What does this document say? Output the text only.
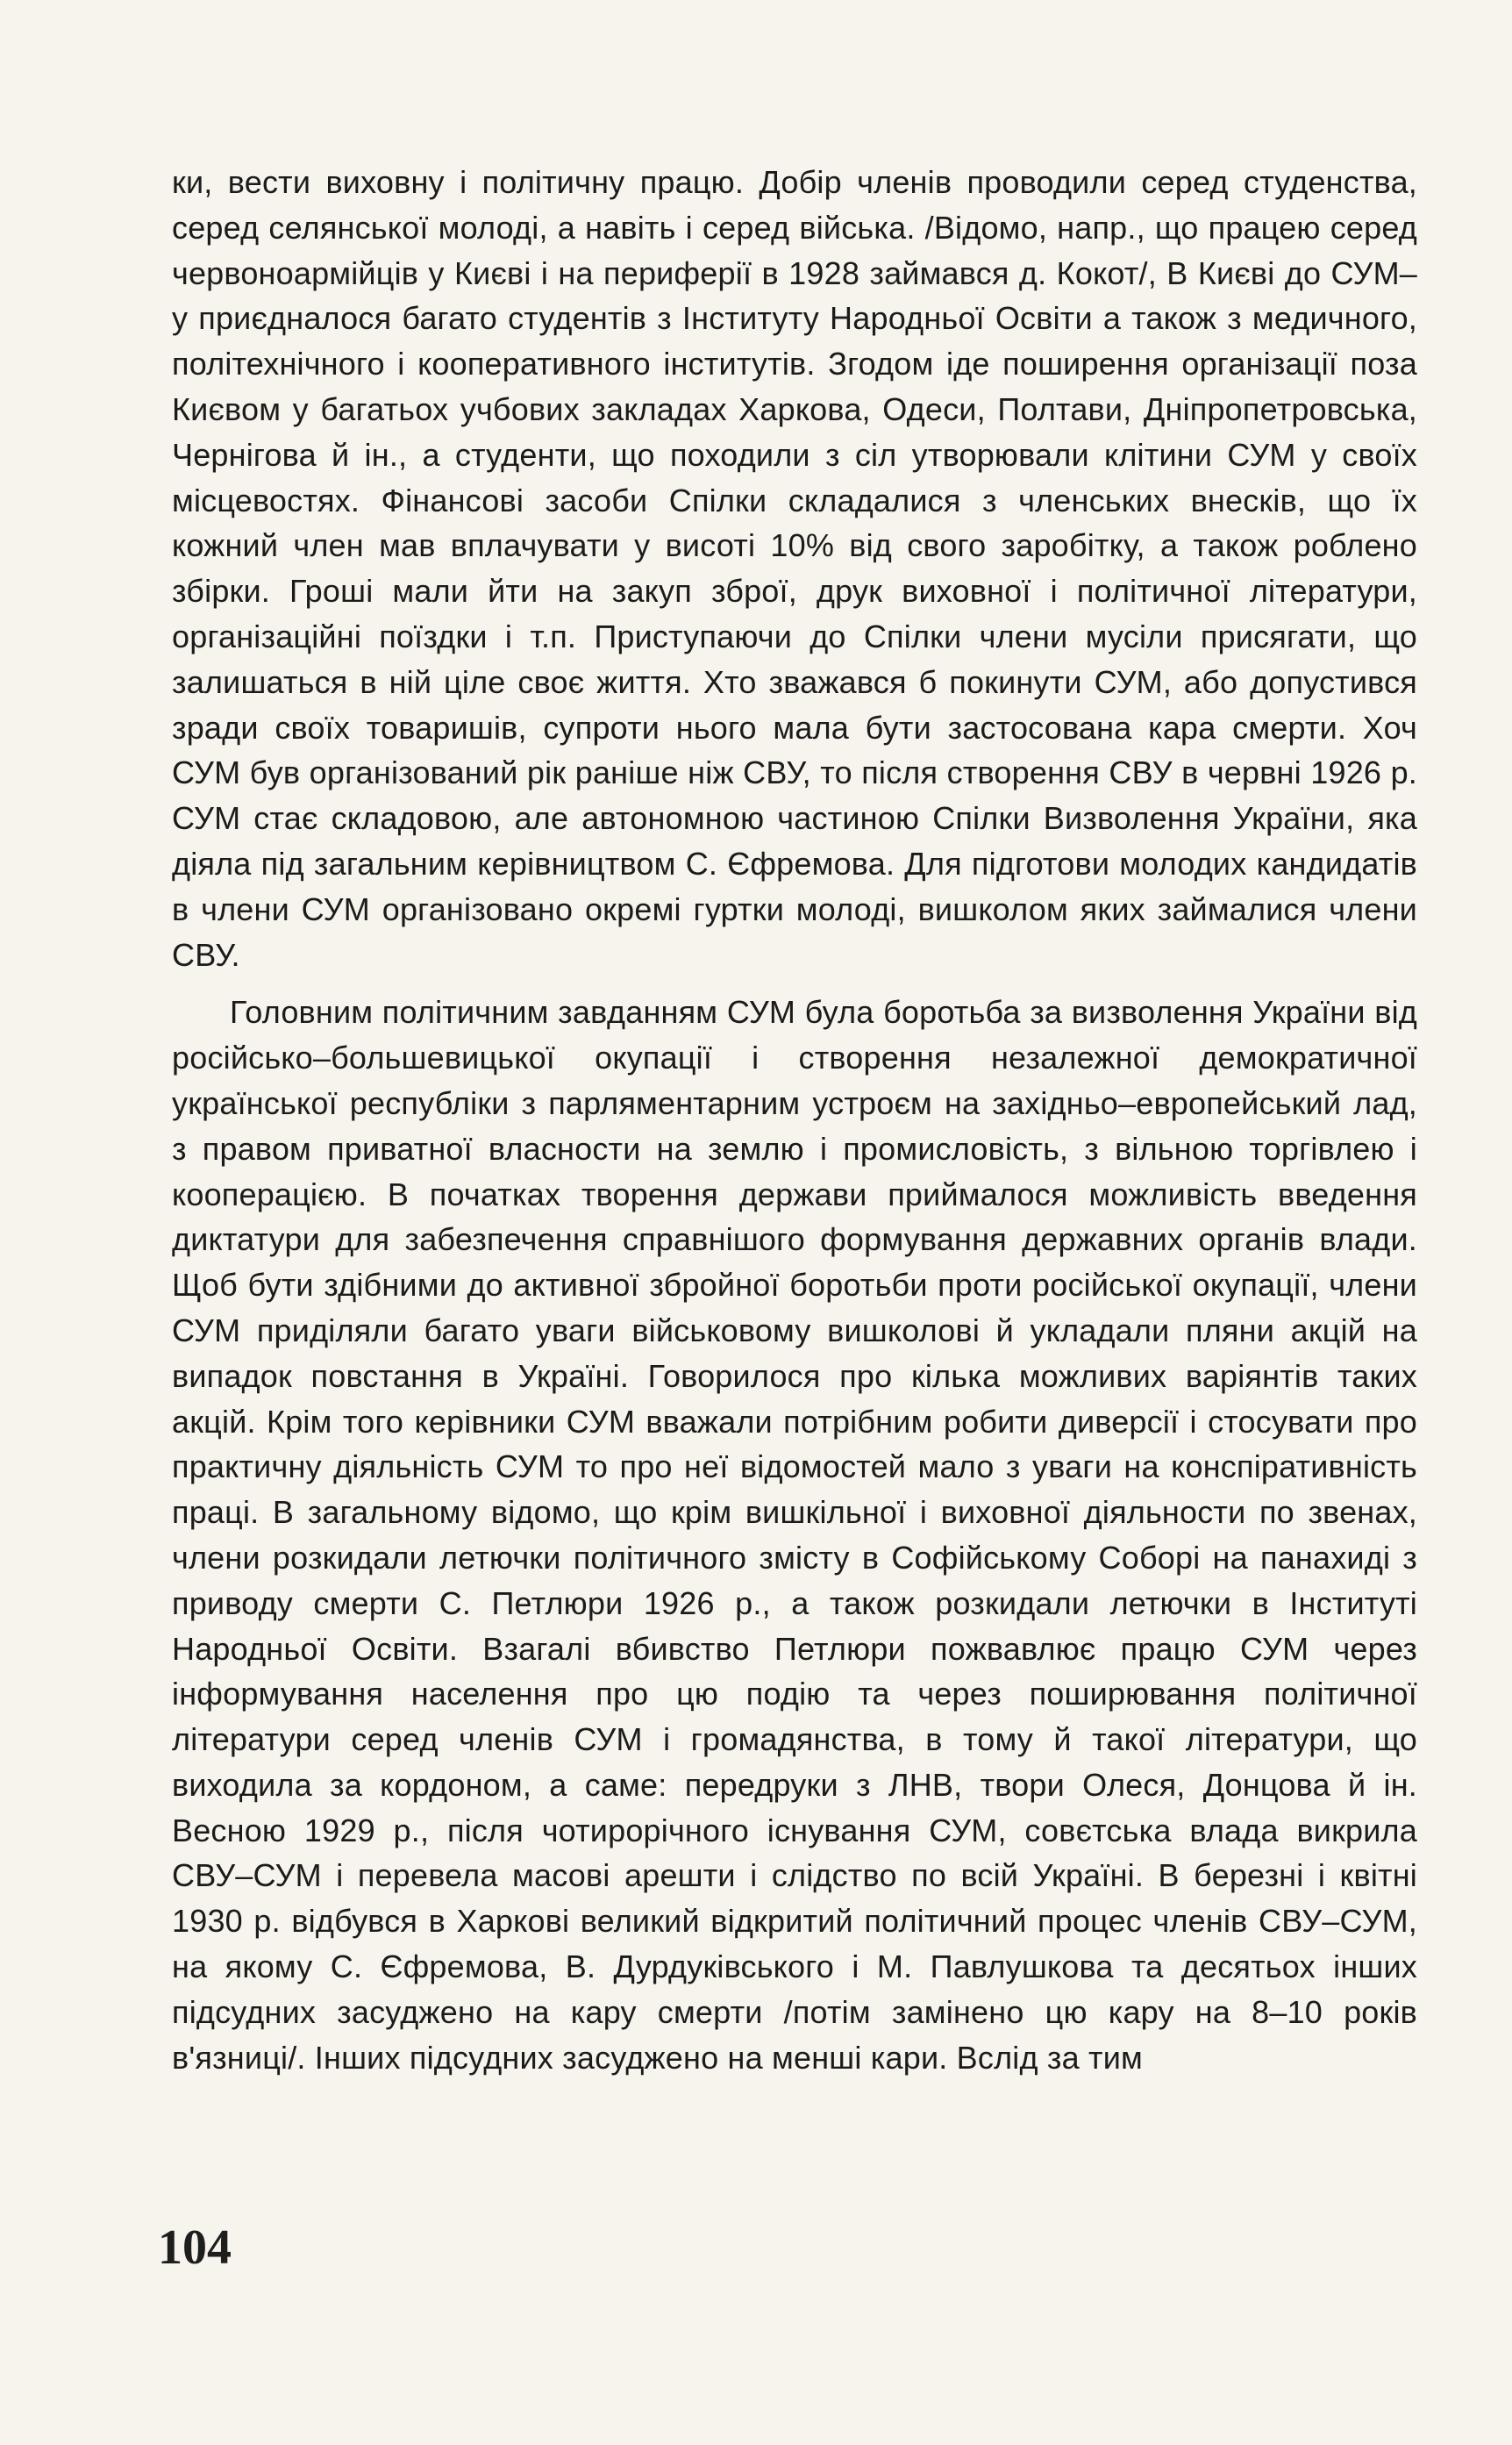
ки, вести виховну і політичну працю. Добір членів проводили серед студенства, серед селянської молоді, а навіть і серед війська. /Відомо, напр., що працею серед червоноармійців у Києві і на периферії в 1928 займався д. Кокот/, В Києві до СУМ–у приєдналося багато студентів з Інституту Народньої Освіти а також з медичного, політехнічного і кооперативного інститутів. Згодом іде поширення організації поза Києвом у багатьох учбових закладах Харкова, Одеси, Полтави, Дніпропетровська, Чернігова й ін., а студенти, що походили з сіл утворювали клітини СУМ у своїх місцевостях. Фінансові засоби Спілки складалися з членських внесків, що їх кожний член мав вплачувати у висоті 10% від свого заробітку, а також роблено збірки. Гроші мали йти на закуп зброї, друк виховної і політичної літератури, організаційні поїздки і т.п. Приступаючи до Спілки члени мусіли присягати, що залишаться в ній ціле своє життя. Хто зважався б покинути СУМ, або допустився зради своїх товаришів, супроти нього мала бути застосована кара смерти. Хоч СУМ був організований рік раніше ніж СВУ, то після створення СВУ в червні 1926 р. СУМ стає складовою, але автономною частиною Спілки Визволення України, яка діяла під загальним керівництвом С. Єфремова. Для підготови молодих кандидатів в члени СУМ організовано окремі гуртки молоді, вишколом яких займалися члени СВУ.

Головним політичним завданням СУМ була боротьба за визволення України від російсько–большевицької окупації і створення незалежної демократичної української республіки з парляментарним устроєм на західньо–европейський лад, з правом приватної власности на землю і промисловість, з вільною торгівлею і кооперацією. В початках творення держави приймалося можливість введення диктатури для забезпечення справнішого формування державних органів влади. Щоб бути здібними до активної збройної боротьби проти російської окупації, члени СУМ приділяли багато уваги військовому вишколові й укладали пляни акцій на випадок повстання в Україні. Говорилося про кілька можливих варіянтів таких акцій. Крім того керівники СУМ вважали потрібним робити диверсії і стосувати про практичну діяльність СУМ то про неї відомостей мало з уваги на конспіративність праці. В загальному відомо, що крім вишкільної і виховної діяльности по звенах, члени розкидали летючки політичного змісту в Софійському Соборі на панахиді з приводу смерти С. Петлюри 1926 р., а також розкидали летючки в Інституті Народньої Освіти. Взагалі вбивство Петлюри пожвавлює працю СУМ через інформування населення про цю подію та через поширювання політичної літератури серед членів СУМ і громадянства, в тому й такої літератури, що виходила за кордоном, а саме: передруки з ЛНВ, твори Олеся, Донцова й ін. Весною 1929 р., після чотирорічного існування СУМ, совєтська влада викрила СВУ–СУМ і перевела масові арешти і слідство по всій Україні. В березні і квітні 1930 р. відбувся в Харкові великий відкритий політичний процес членів СВУ–СУМ, на якому С. Єфремова, В. Дурдуківського і М. Павлушкова та десятьох інших підсудних засуджено на кару смерти /потім замінено цю кару на 8–10 років в'язниці/. Інших підсудних засуджено на менші кари. Вслід за тим

104
